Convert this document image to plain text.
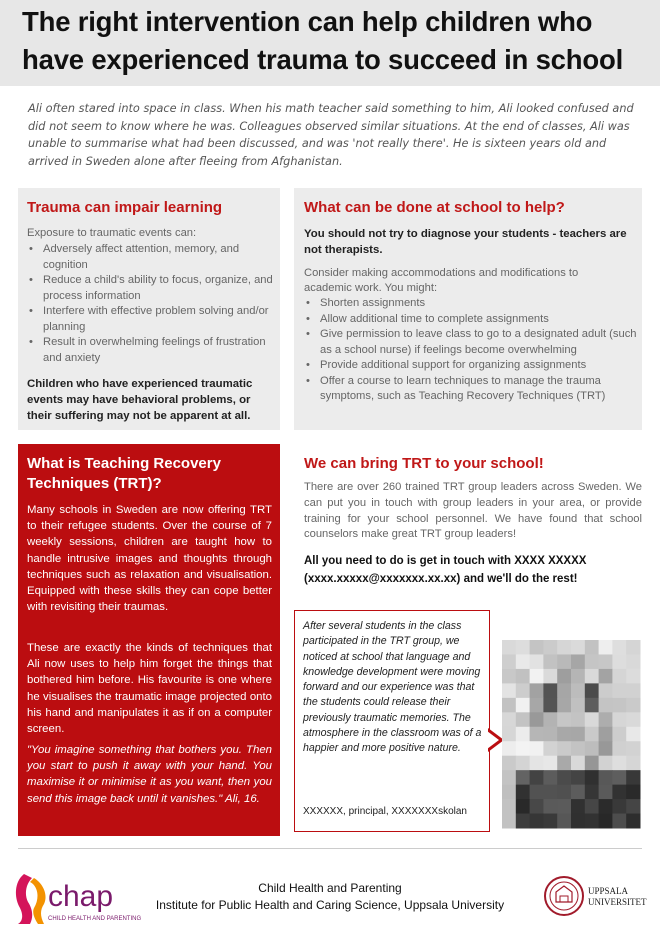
The right intervention can help children who have experienced trauma to succeed in school

Ali often stared into space in class. When his math teacher said something to him, Ali looked confused and did not seem to know where he was. Colleagues observed similar situations. At the end of classes, Ali was unable to summarise what had been discussed, and was 'not really there'. He is sixteen years old and arrived in Sweden alone after fleeing from Afghanistan.

Trauma can impair learning

Exposure to traumatic events can:

• Adversely affect attention, memory, and cognition
• Reduce a child's ability to focus, organize, and process information
• Interfere with effective problem solving and/or planning
• Result in overwhelming feelings of frustration and anxiety

Children who have experienced traumatic events may have behavioral problems, or their suffering may not be apparent at all.

What can be done at school to help?

You should not try to diagnose your students - teachers are not therapists.

Consider making accommodations and modifications to academic work. You might:

• Shorten assignments
• Allow additional time to complete assignments
• Give permission to leave class to go to a designated adult (such as a school nurse) if feelings become overwhelming
• Provide additional support for organizing assignments
• Offer a course to learn techniques to manage the trauma symptoms, such as Teaching Recovery Techniques (TRT)
What is Teaching Recovery Techniques (TRT)?

Many schools in Sweden are now offering TRT to their refugee students. Over the course of 7 weekly sessions, children are taught how to handle intrusive images and thoughts through techniques such as relaxation and visualisation. Equipped with these skills they can cope better with revisiting their traumas.

These are exactly the kinds of techniques that Ali now uses to help him forget the things that bothered him before. His favourite is one where he visualises the traumatic image projected onto his hand and manipulates it as if on a computer screen.

"You imagine something that bothers you. Then you start to push it away with your hand. You maximise it or minimise it as you want, then you send this image back until it vanishes." Ali, 16.

We can bring TRT to your school!

There are over 260 trained TRT group leaders across Sweden. We can put you in touch with group leaders in your area, or provide training for your school personnel. We have found that school counselors make great TRT group leaders!

All you need to do is get in touch with XXXX XXXXX
(xxxx.xxxxx@xxxxxxx.xx.xx) and we'll do the rest!

After several students in the class participated in the TRT group, we noticed at school that language and knowledge development were moving forward and our experience was that the students could release their previously traumatic memories. The atmosphere in the classroom was of a happier and more positive nature.

XXXXXX, principal, XXXXXXXskolan

chap
CHILD HEALTH AND PARENTING
Child Health and Parenting
Institute for Public Health and Caring Science, Uppsala University
UPPSALA
UNIVERSITET
